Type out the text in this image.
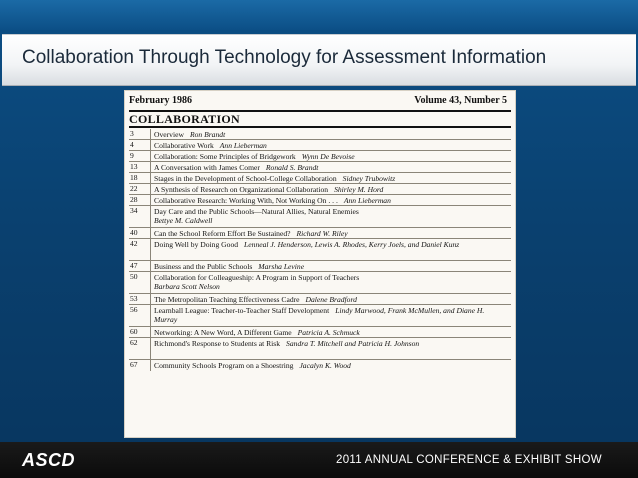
Collaboration Through Technology for Assessment Information
February 1986	Volume 43, Number 5
COLLABORATION
3	Overview Ron Brandt
4	Collaborative Work Ann Lieberman
9	Collaboration: Some Principles of Bridgework Wynn De Bevoise
13	A Conversation with James Comer Ronald S. Brandt
18	Stages in the Development of School-College Collaboration Sidney Trubowitz
22	A Synthesis of Research on Organizational Collaboration Shirley M. Hord
28	Collaborative Research: Working With, Not Working On . . . Ann Lieberman
34	Day Care and the Public Schools—Natural Allies, Natural Enemies
Bettye M. Caldwell
40	Can the School Reform Effort Be Sustained? Richard W. Riley
42	Doing Well by Doing Good Lenneal J. Henderson, Lewis A. Rhodes, Kerry Joels, and Daniel Kunz
47	Business and the Public Schools Marsha Levine
50	Collaboration for Colleagueship: A Program in Support of Teachers
Barbara Scott Nelson
53	The Metropolitan Teaching Effectiveness Cadre Dalene Bradford
56	Learnball League: Teacher-to-Teacher Staff Development Lindy Marwood, Frank McMullen, and Diane H. Murray
60	Networking: A New Word, A Different Game Patricia A. Schmuck
62	Richmond's Response to Students at Risk Sandra T. Mitchell and Patricia H. Johnson
67	Community Schools Program on a Shoestring Jacalyn K. Wood
ASCD	2011 ANNUAL CONFERENCE & EXHIBIT SHOW
